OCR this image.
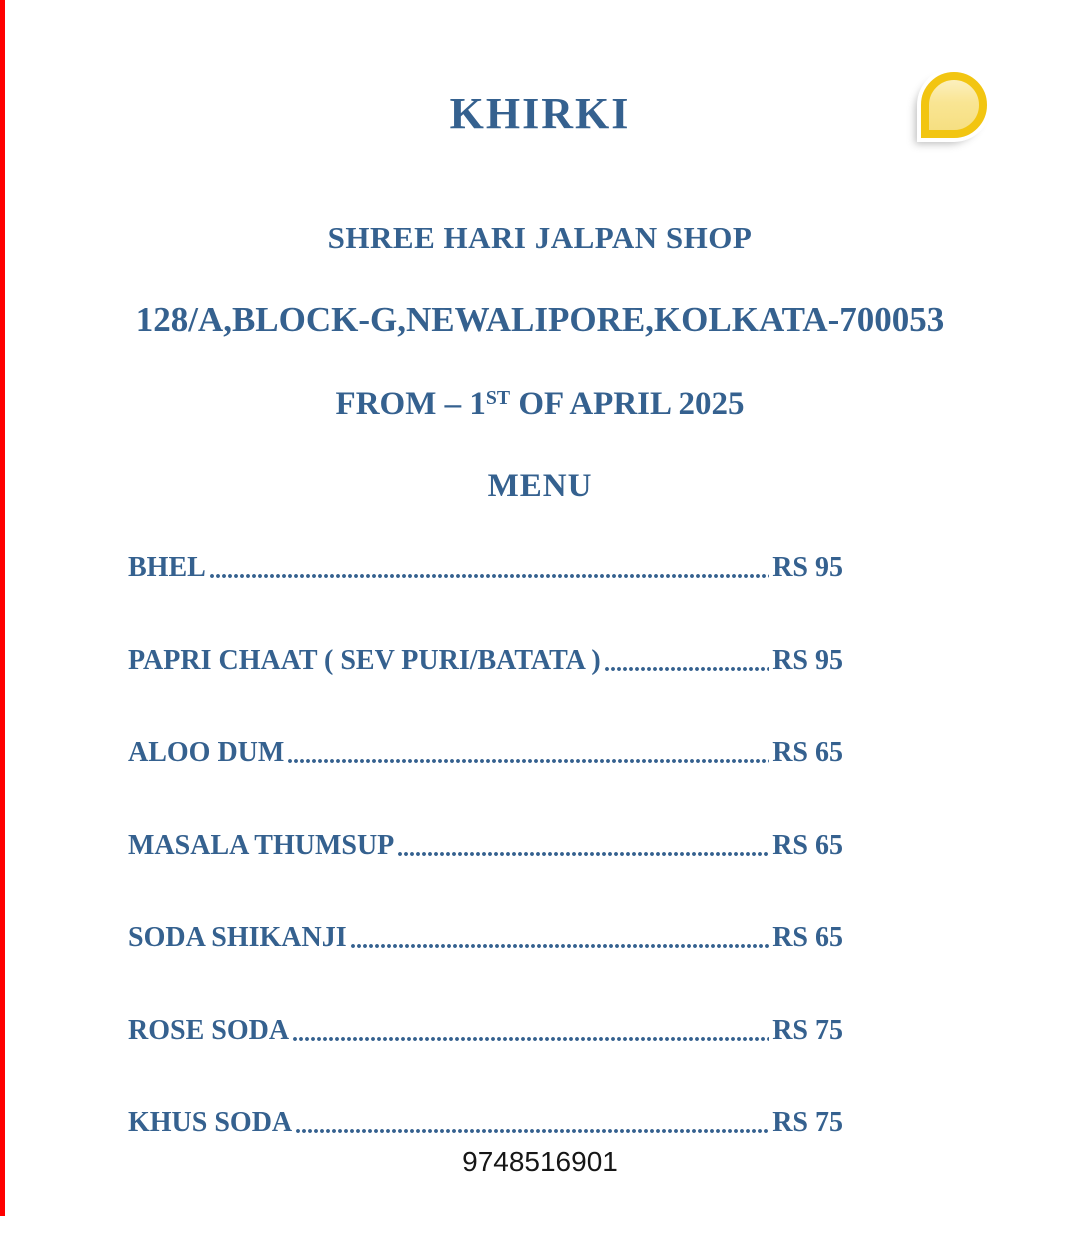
KHIRKI
SHREE HARI JALPAN SHOP
128/A,BLOCK-G,NEWALIPORE,KOLKATA-700053
FROM – 1ST OF APRIL 2025
MENU
BHEL	RS 95
PAPRI CHAAT ( SEV PURI/BATATA )	RS 95
ALOO DUM	RS 65
MASALA THUMSUP	RS 65
SODA SHIKANJI	RS 65
ROSE SODA	RS 75
KHUS SODA	RS 75
9748516901
